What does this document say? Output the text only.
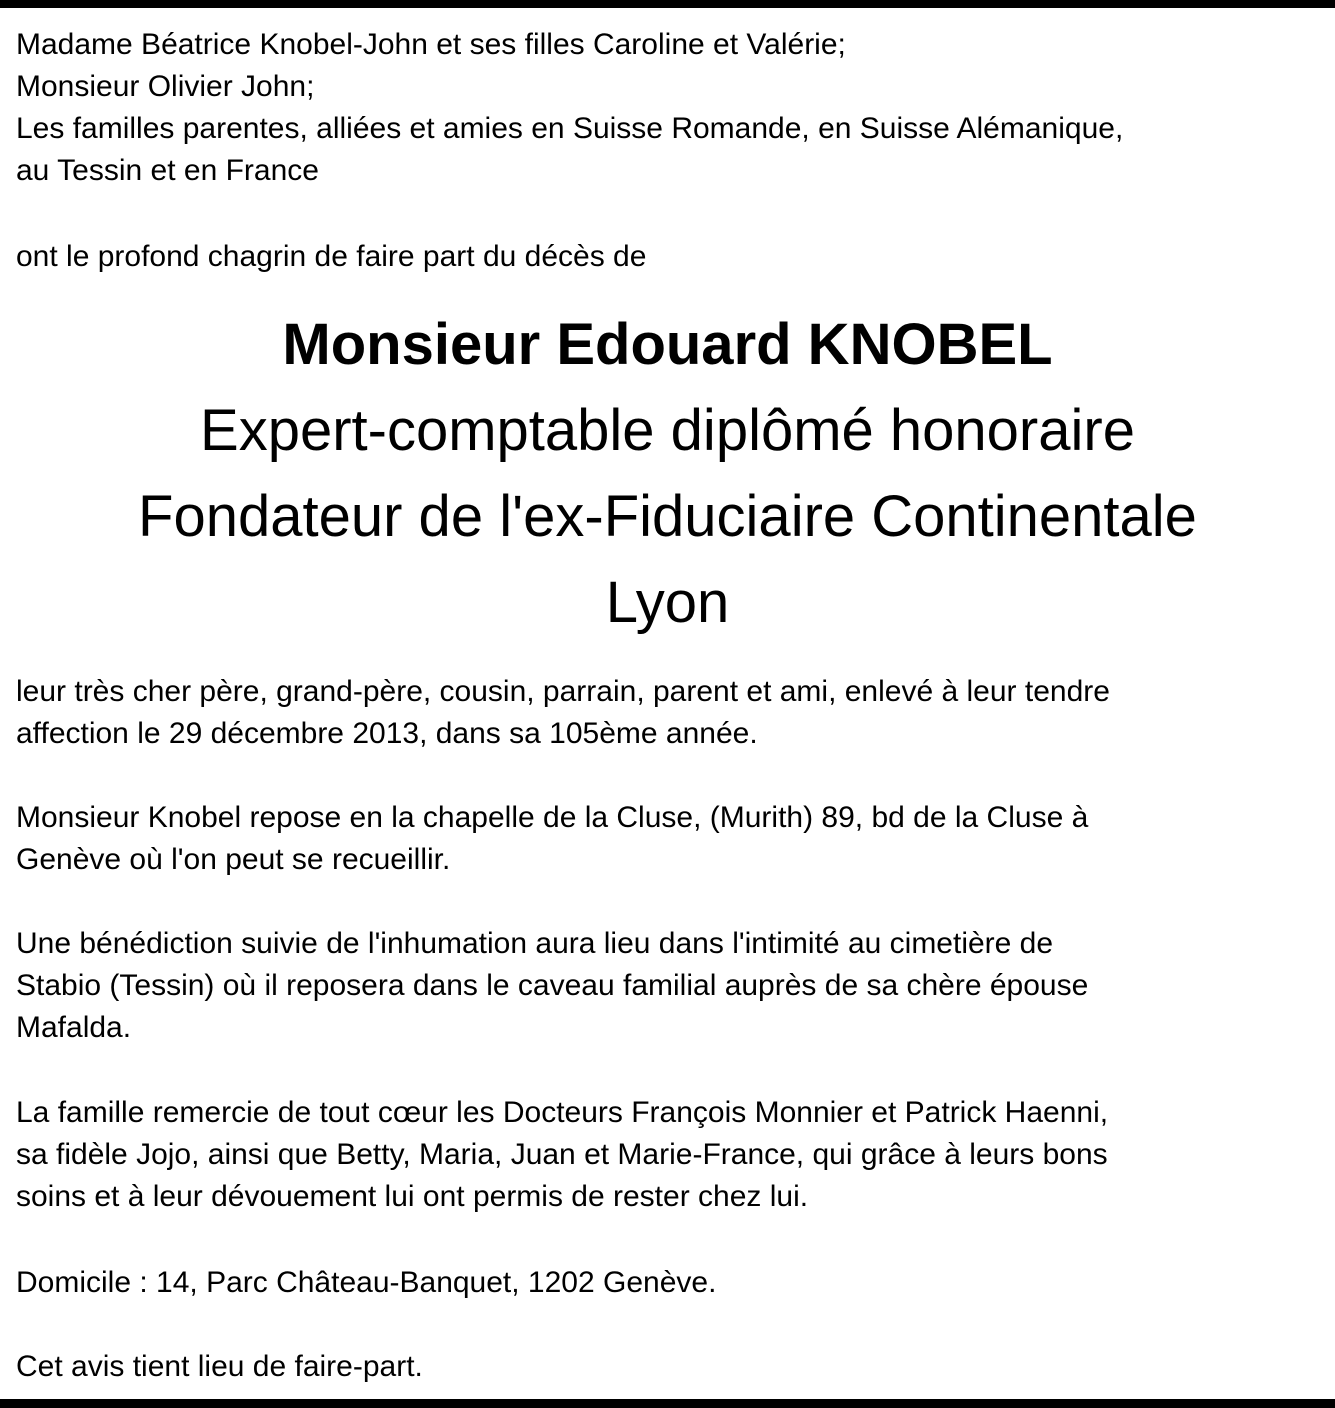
Madame Béatrice Knobel-John et ses filles Caroline et Valérie;
Monsieur Olivier John;
Les familles parentes, alliées et amies en Suisse Romande, en Suisse Alémanique,
au Tessin et en France
ont le profond chagrin de faire part du décès de
Monsieur Edouard KNOBEL
Expert-comptable diplômé honoraire
Fondateur de l'ex-Fiduciaire Continentale
Lyon
leur très cher père, grand-père, cousin, parrain, parent et ami, enlevé à leur tendre
affection le 29 décembre 2013, dans sa 105ème année.
Monsieur Knobel repose en la chapelle de la Cluse, (Murith) 89, bd de la Cluse à
Genève où l'on peut se recueillir.
Une bénédiction suivie de l'inhumation aura lieu dans l'intimité au cimetière de
Stabio (Tessin) où il reposera dans le caveau familial auprès de sa chère épouse
Mafalda.
La famille remercie de tout cœur les Docteurs François Monnier et Patrick Haenni,
sa fidèle Jojo, ainsi que Betty, Maria, Juan et Marie-France, qui grâce à leurs bons
soins et à leur dévouement lui ont permis de rester chez lui.
Domicile : 14, Parc Château-Banquet, 1202 Genève.
Cet avis tient lieu de faire-part.
